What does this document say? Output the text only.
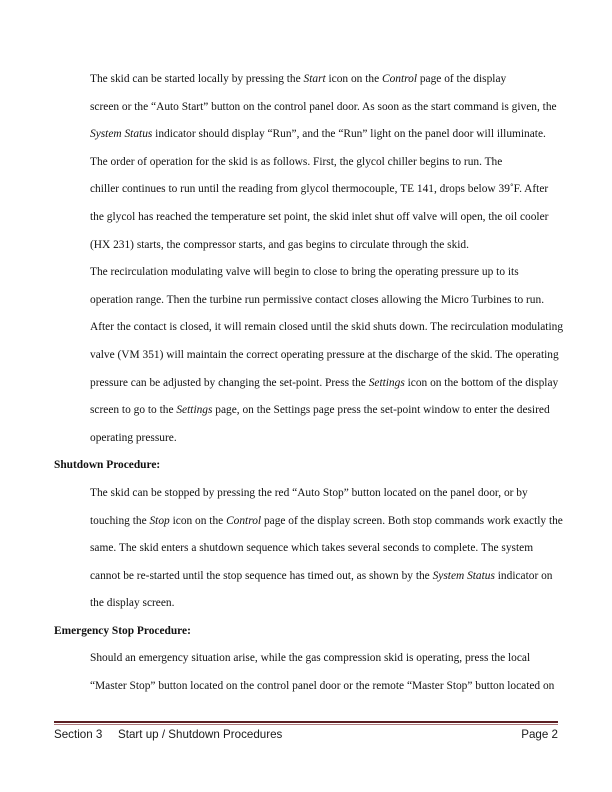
The skid can be started locally by pressing the Start icon on the Control page of the display
screen or the “Auto Start” button on the control panel door. As soon as the start command is given, the
System Status indicator should display “Run”, and the “Run” light on the panel door will illuminate.

The order of operation for the skid is as follows. First, the glycol chiller begins to run. The
chiller continues to run until the reading from glycol thermocouple, TE 141, drops below 39˚F. After
the glycol has reached the temperature set point, the skid inlet shut off valve will open, the oil cooler
(HX 231) starts, the compressor starts, and gas begins to circulate through the skid.

The recirculation modulating valve will begin to close to bring the operating pressure up to its
operation range. Then the turbine run permissive contact closes allowing the Micro Turbines to run.
After the contact is closed, it will remain closed until the skid shuts down. The recirculation modulating
valve (VM 351) will maintain the correct operating pressure at the discharge of the skid. The operating
pressure can be adjusted by changing the set-point. Press the Settings icon on the bottom of the display
screen to go to the Settings page, on the Settings page press the set-point window to enter the desired
operating pressure.

Shutdown Procedure:

The skid can be stopped by pressing the red “Auto Stop” button located on the panel door, or by
touching the Stop icon on the Control page of the display screen. Both stop commands work exactly the
same. The skid enters a shutdown sequence which takes several seconds to complete. The system
cannot be re-started until the stop sequence has timed out, as shown by the System Status indicator on
the display screen.

Emergency Stop Procedure:

Should an emergency situation arise, while the gas compression skid is operating, press the local
“Master Stop” button located on the control panel door or the remote “Master Stop” button located on

Section 3 Start up / Shutdown Procedures	Page 2
